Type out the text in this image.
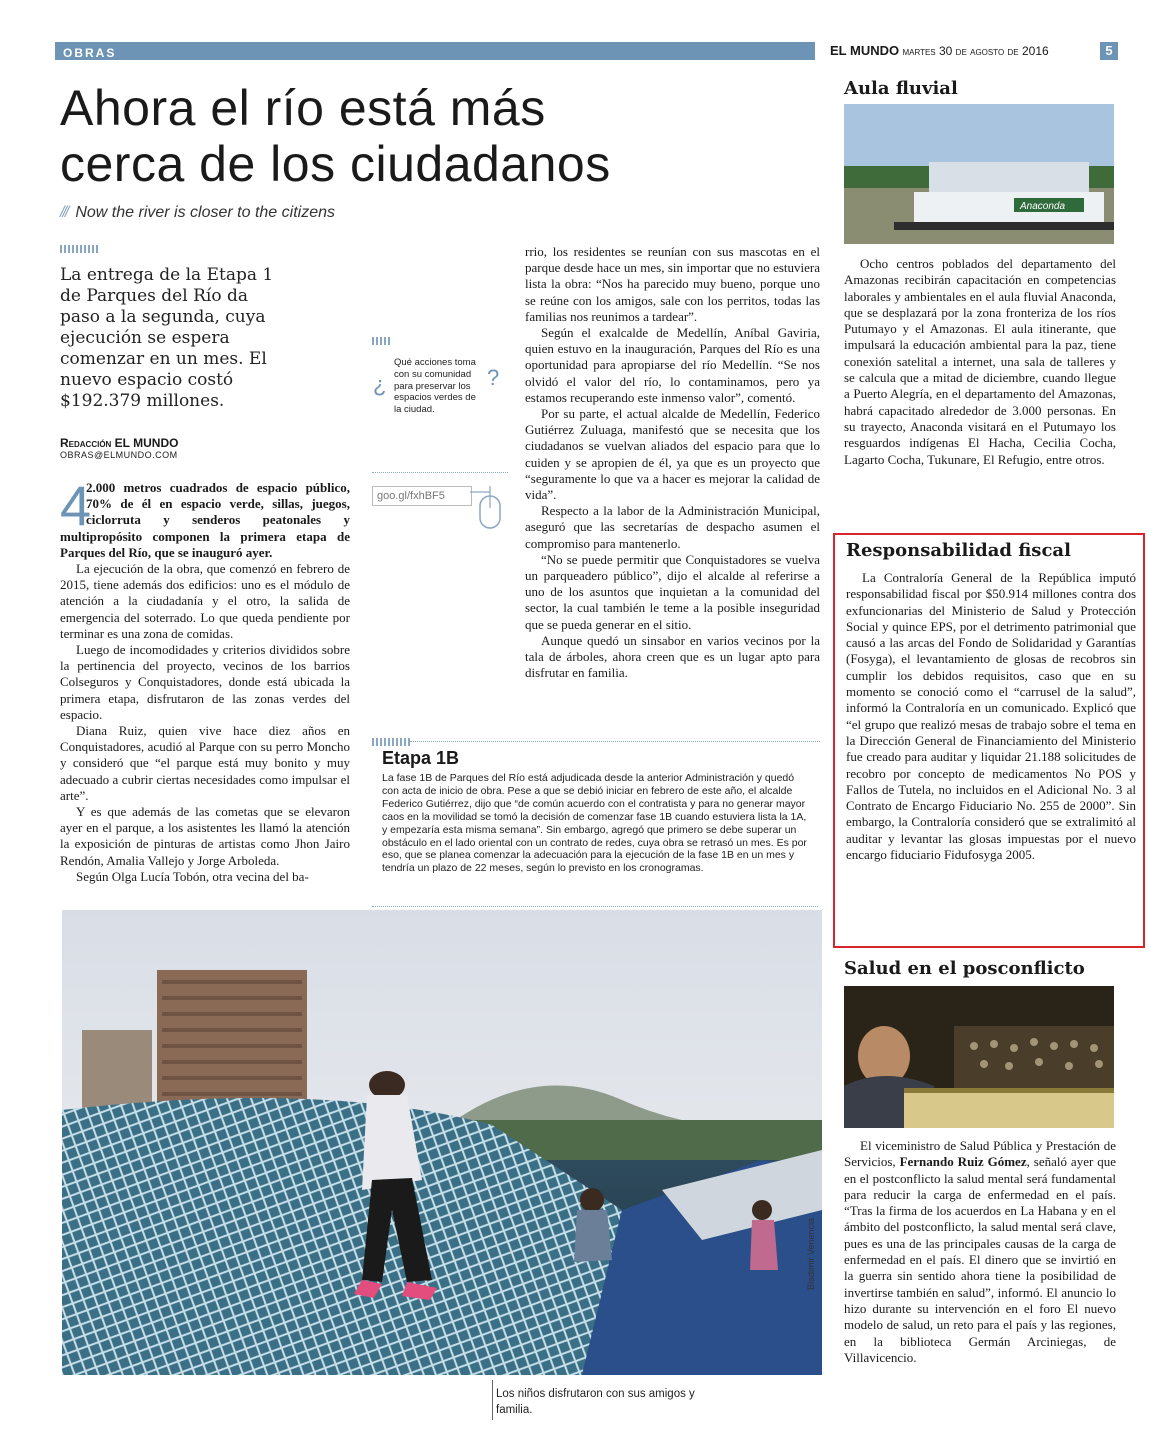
OBRAS	EL MUNDO martes 30 de agosto de 2016	5
Ahora el río está más
cerca de los ciudadanos
/// Now the river is closer to the citizens
La entrega de la Etapa 1 de Parques del Río da paso a la segunda, cuya ejecución se espera comenzar en un mes. El nuevo espacio costó $192.379 millones.
Redacción EL MUNDO
OBRAS@ELMUNDO.COM
4

2.000 metros cuadrados de espacio público, 70% de él en espacio verde, sillas, juegos, ciclorruta y senderos peatonales y multipropósito componen la primera etapa de Parques del Río, que se inauguró ayer.

La ejecución de la obra, que comenzó en febrero de 2015, tiene además dos edificios: uno es el módulo de atención a la ciudadanía y el otro, la salida de emergencia del soterrado. Lo que queda pendiente por terminar es una zona de comidas.

Luego de incomodidades y criterios divididos sobre la pertinencia del proyecto, vecinos de los barrios Colseguros y Conquistadores, donde está ubicada la primera etapa, disfrutaron de las zonas verdes del espacio.

Diana Ruiz, quien vive hace diez años en Conquistadores, acudió al Parque con su perro Moncho y consideró que “el parque está muy bonito y muy adecuado a cubrir ciertas necesidades como impulsar el arte”.

Y es que además de las cometas que se elevaron ayer en el parque, a los asistentes les llamó la atención la exposición de pinturas de artistas como Jhon Jairo Rendón, Amalia Vallejo y Jorge Arboleda.

Según Olga Lucía Tobón, otra vecina del ba-

¿
Qué acciones toma con su comunidad para preservar los espacios verdes de la ciudad.
?
goo.gl/fxhBF5

rrio, los residentes se reunían con sus mascotas en el parque desde hace un mes, sin importar que no estuviera lista la obra: “Nos ha parecido muy bueno, porque uno se reúne con los amigos, sale con los perritos, todas las familias nos reunimos a tardear”.

Según el exalcalde de Medellín, Aníbal Gaviria, quien estuvo en la inauguración, Parques del Río es una oportunidad para apropiarse del río Medellín. “Se nos olvidó el valor del río, lo contaminamos, pero ya estamos recuperando este inmenso valor”, comentó.

Por su parte, el actual alcalde de Medellín, Federico Gutiérrez Zuluaga, manifestó que se necesita que los ciudadanos se vuelvan aliados del espacio para que lo cuiden y se apropien de él, ya que es un proyecto que “seguramente lo que va a hacer es mejorar la calidad de vida”.

Respecto a la labor de la Administración Municipal, aseguró que las secretarías de despacho asumen el compromiso para mantenerlo.

“No se puede permitir que Conquistadores se vuelva un parqueadero público”, dijo el alcalde al referirse a uno de los asuntos que inquietan a la comunidad del sector, la cual también le teme a la posible inseguridad que se pueda generar en el sitio.

Aunque quedó un sinsabor en varios vecinos por la tala de árboles, ahora creen que es un lugar apto para disfrutar en familia.

Etapa 1B
La fase 1B de Parques del Río está adjudicada desde la anterior Administración y quedó con acta de inicio de obra. Pese a que se debió iniciar en febrero de este año, el alcalde Federico Gutiérrez, dijo que “de común acuerdo con el contratista y para no generar mayor caos en la movilidad se tomó la decisión de comenzar fase 1B cuando estuviera lista la 1A, y empezaría esta misma semana”. Sin embargo, agregó que primero se debe superar un obstáculo en el lado oriental con un contrato de redes, cuya obra se retrasó un mes. Es por eso, que se planea comenzar la adecuación para la ejecución de la fase 1B en un mes y tendría un plazo de 22 meses, según lo previsto en los cronogramas.
Bladimir Venencia
Los niños disfrutaron con sus amigos y familia.
Aula fluvial
Anaconda

Ocho centros poblados del departamento del Amazonas recibirán capacitación en competencias laborales y ambientales en el aula fluvial Anaconda, que se desplazará por la zona fronteriza de los ríos Putumayo y el Amazonas. El aula itinerante, que impulsará la educación ambiental para la paz, tiene conexión satelital a internet, una sala de talleres y se calcula que a mitad de diciembre, cuando llegue a Puerto Alegría, en el departamento del Amazonas, habrá capacitado alrededor de 3.000 personas. En su trayecto, Anaconda visitará en el Putumayo los resguardos indígenas El Hacha, Cecilia Cocha, Lagarto Cocha, Tukunare, El Refugio, entre otros.

Responsabilidad fiscal

La Contraloría General de la República imputó responsabilidad fiscal por $50.914 millones contra dos exfuncionarias del Ministerio de Salud y Protección Social y quince EPS, por el detrimento patrimonial que causó a las arcas del Fondo de Solidaridad y Garantías (Fosyga), el levantamiento de glosas de recobros sin cumplir los debidos requisitos, caso que en su momento se conoció como el “carrusel de la salud”, informó la Contraloría en un comunicado. Explicó que “el grupo que realizó mesas de trabajo sobre el tema en la Dirección General de Financiamiento del Ministerio fue creado para auditar y liquidar 21.188 solicitudes de recobro por concepto de medicamentos No POS y Fallos de Tutela, no incluidos en el Adicional No. 3 al Contrato de Encargo Fiduciario No. 255 de 2000”. Sin embargo, la Contraloría consideró que se extralimitó al auditar y levantar las glosas impuestas por el nuevo encargo fiduciario Fidufosyga 2005.

Salud en el posconflicto

El viceministro de Salud Pública y Prestación de Servicios, Fernando Ruiz Gómez, señaló ayer que en el postconflicto la salud mental será fundamental para reducir la carga de enfermedad en el país. “Tras la firma de los acuerdos en La Habana y en el ámbito del postconflicto, la salud mental será clave, pues es una de las principales causas de la carga de enfermedad en el país. El dinero que se invirtió en la guerra sin sentido ahora tiene la posibilidad de invertirse también en salud”, informó. El anuncio lo hizo durante su intervención en el foro El nuevo modelo de salud, un reto para el país y las regiones, en la biblioteca Germán Arciniegas, de Villavicencio.
